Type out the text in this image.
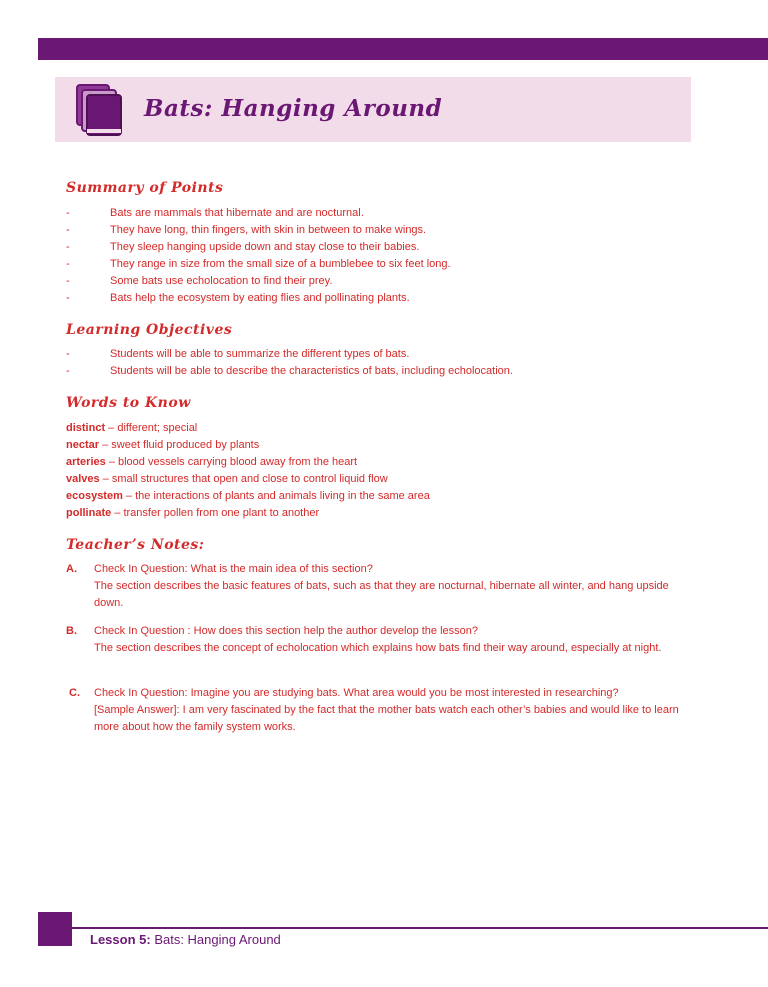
Bats: Hanging Around
Summary of Points
-	Bats are mammals that hibernate and are nocturnal.
-	They have long, thin fingers, with skin in between to make wings.
-	They sleep hanging upside down and stay close to their babies.
-	They range in size from the small size of a bumblebee to six feet long.
-	Some bats use echolocation to find their prey.
-	Bats help the ecosystem by eating flies and pollinating plants.
Learning Objectives
-	Students will be able to summarize the different types of bats.
-	Students will be able to describe the characteristics of bats, including echolocation.
Words to Know
distinct – different; special
nectar – sweet fluid produced by plants
arteries – blood vessels carrying blood away from the heart
valves – small structures that open and close to control liquid flow
ecosystem – the interactions of plants and animals living in the same area
pollinate – transfer pollen from one plant to another
Teacher’s Notes:
A. Check In Question: What is the main idea of this section?
The section describes the basic features of bats, such as that they are nocturnal, hibernate all winter, and hang upside down.
B. Check In Question : How does this section help the author develop the lesson?
The section describes the concept of echolocation which explains how bats find their way around, especially at night.
C. Check In Question: Imagine you are studying bats. What area would you be most interested in researching?
[Sample Answer]: I am very fascinated by the fact that the mother bats watch each other’s babies and would like to learn more about how the family system works.
Lesson 5: Bats: Hanging Around
